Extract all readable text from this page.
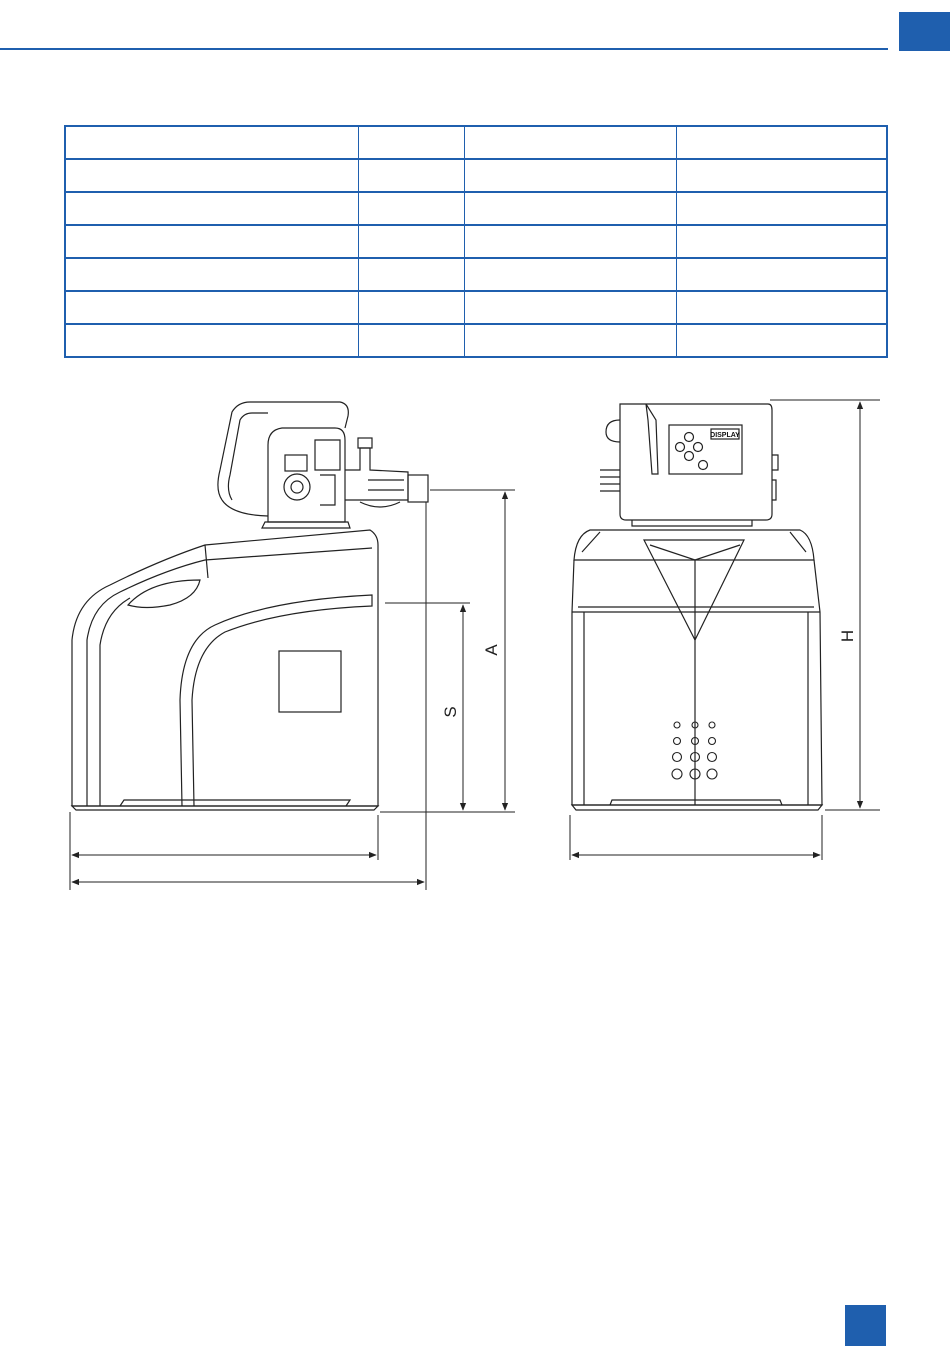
S
A
DISPLAY
H
